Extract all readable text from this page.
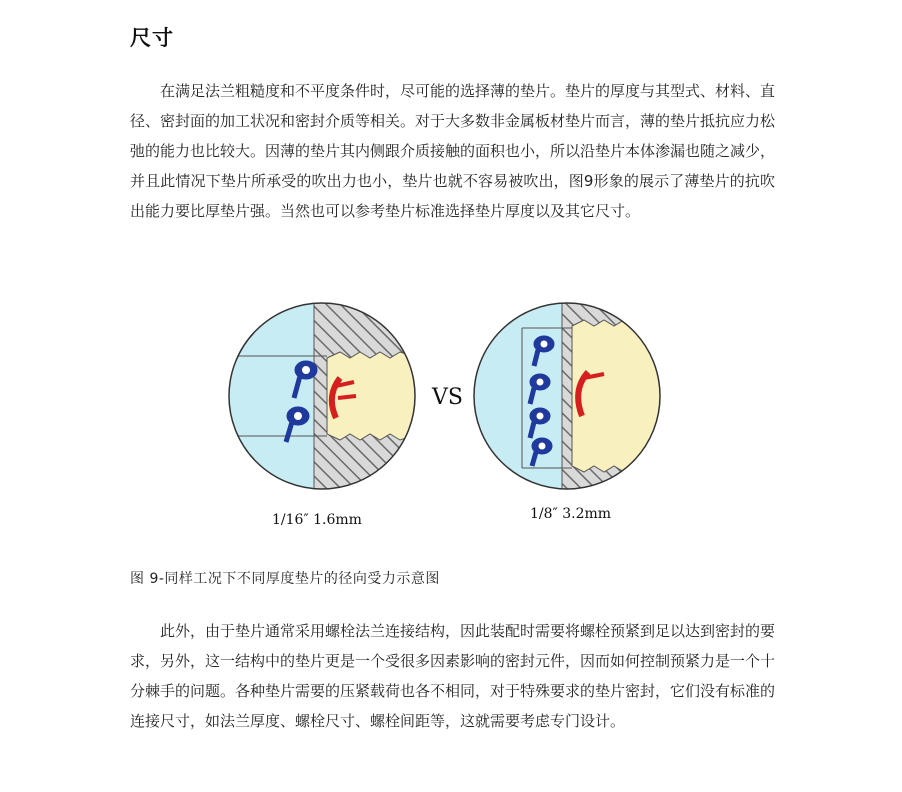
尺寸

在满足法兰粗糙度和不平度条件时，尽可能的选择薄的垫片。垫片的厚度与其型式、材料、直径、密封面的加工状况和密封介质等相关。对于大多数非金属板材垫片而言，薄的垫片抵抗应力松弛的能力也比较大。因薄的垫片其内侧跟介质接触的面积也小，所以沿垫片本体渗漏也随之减少，并且此情况下垫片所承受的吹出力也小，垫片也就不容易被吹出，图9形象的展示了薄垫片的抗吹出能力要比厚垫片强。当然也可以参考垫片标准选择垫片厚度以及其它尺寸。

VS
1/16″ 1.6mm	1/8″ 3.2mm

图 9-同样工况下不同厚度垫片的径向受力示意图

此外，由于垫片通常采用螺栓法兰连接结构，因此装配时需要将螺栓预紧到足以达到密封的要求，另外，这一结构中的垫片更是一个受很多因素影响的密封元件，因而如何控制预紧力是一个十分棘手的问题。各种垫片需要的压紧载荷也各不相同，对于特殊要求的垫片密封，它们没有标准的连接尺寸，如法兰厚度、螺栓尺寸、螺栓间距等，这就需要考虑专门设计。
